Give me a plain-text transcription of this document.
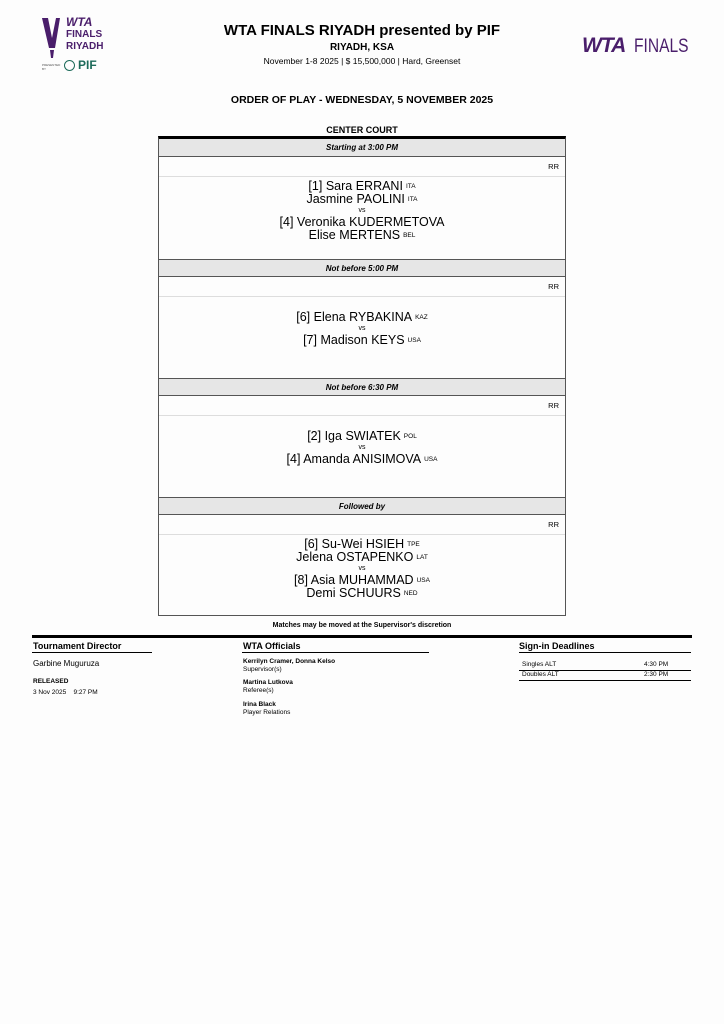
WTA
FINALS
RIYADH
PRESENTED BY	PIF
WTA FINALS RIYADH presented by PIF
RIYADH, KSA
November 1-8 2025 | $ 15,500,000 | Hard, Greenset
WTA FINALS
ORDER OF PLAY - WEDNESDAY, 5 NOVEMBER 2025
CENTER COURT
Starting at 3:00 PM
RR
[1] Sara ERRANI ITA
Jasmine PAOLINI ITA
vs
[4] Veronika KUDERMETOVA
Elise MERTENS BEL
Not before 5:00 PM
RR
[6] Elena RYBAKINA KAZ
vs
[7] Madison KEYS USA
Not before 6:30 PM
RR
[2] Iga SWIATEK POL
vs
[4] Amanda ANISIMOVA USA
Followed by
RR
[6] Su-Wei HSIEH TPE
Jelena OSTAPENKO LAT
vs
[8] Asia MUHAMMAD USA
Demi SCHUURS NED
Matches may be moved at the Supervisor's discretion
Tournament Director
Garbine Muguruza
RELEASED
3 Nov 2025    9:27 PM
WTA Officials
Kerrilyn Cramer, Donna Kelso
Supervisor(s)
Martina Lutkova
Referee(s)
Irina Black
Player Relations
Sign-in Deadlines
Singles ALT	4:30 PM
Doubles ALT	2:30 PM
